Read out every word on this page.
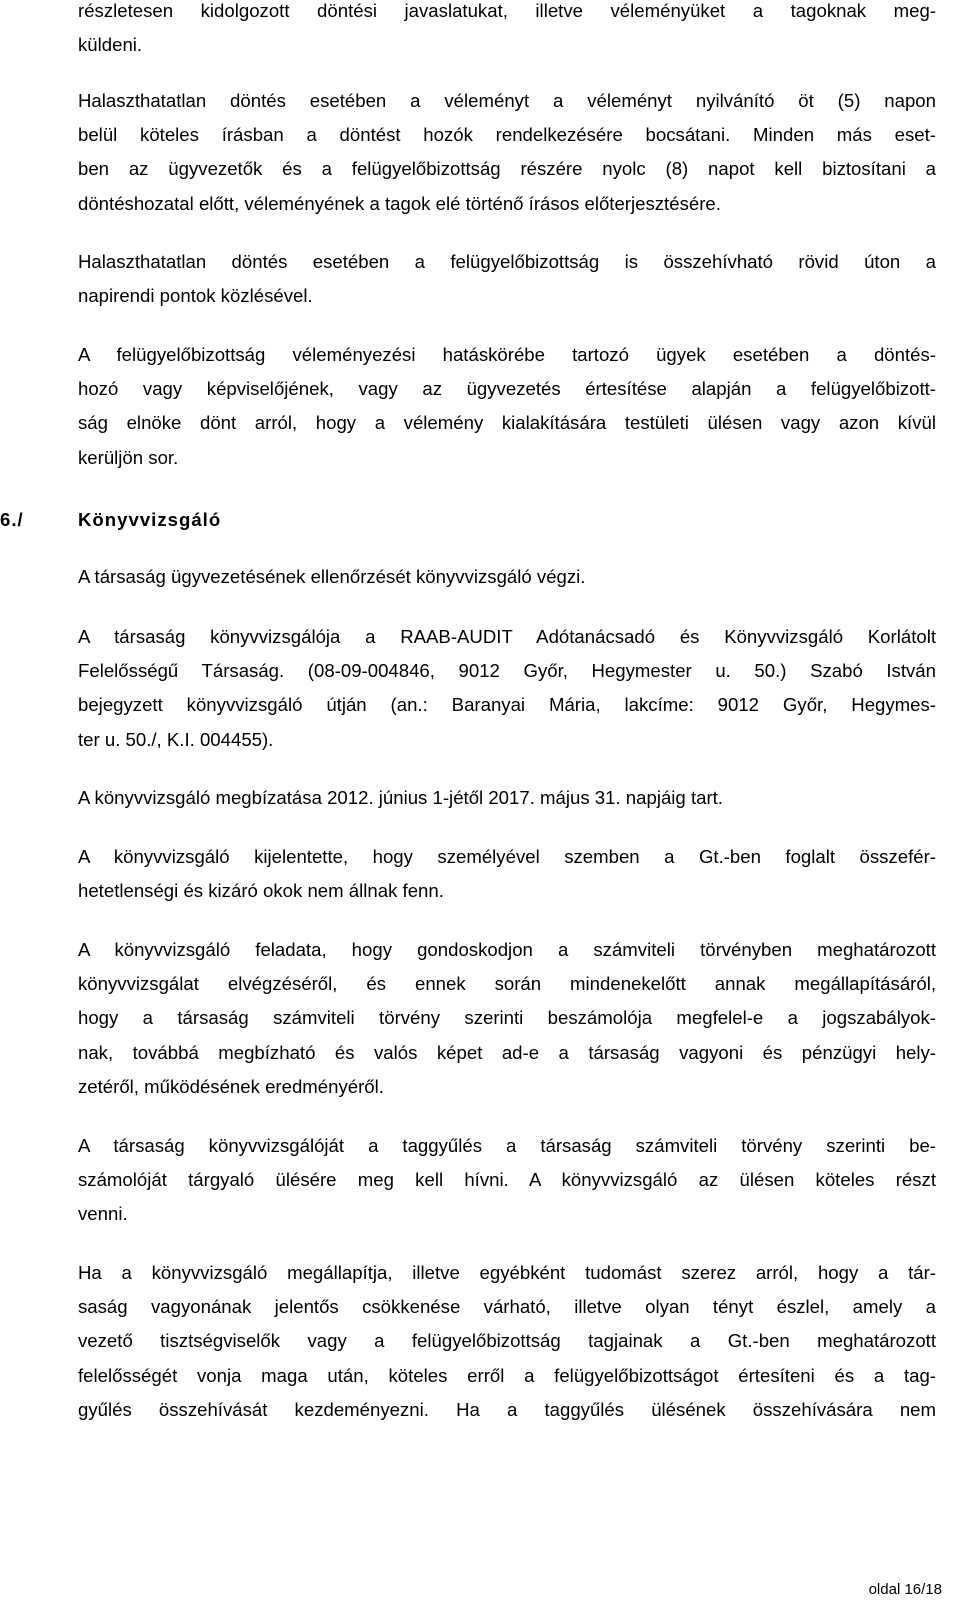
részletesen kidolgozott döntési javaslatukat, illetve véleményüket a tagoknak meg-
küldeni.
Halaszthatatlan döntés esetében a véleményt a véleményt nyilvánító öt (5) napon
belül köteles írásban a döntést hozók rendelkezésére bocsátani. Minden más eset-
ben az ügyvezetők és a felügyelőbizottság részére nyolc (8) napot kell biztosítani a
döntéshozatal előtt, véleményének a tagok elé történő írásos előterjesztésére.
Halaszthatatlan döntés esetében a felügyelőbizottság is összehívható rövid úton a
napirendi pontok közlésével.
A felügyelőbizottság véleményezési hatáskörébe tartozó ügyek esetében a döntés-
hozó vagy képviselőjének, vagy az ügyvezetés értesítése alapján a felügyelőbizott-
ság elnöke dönt arról, hogy a vélemény kialakítására testületi ülésen vagy azon kívül
kerüljön sor.
6./	Könyvvizsgáló
A társaság ügyvezetésének ellenőrzését könyvvizsgáló végzi.
A társaság könyvvizsgálója a RAAB-AUDIT Adótanácsadó és Könyvvizsgáló Korlátolt
Felelősségű Társaság. (08-09-004846, 9012 Győr, Hegymester u. 50.) Szabó István
bejegyzett könyvvizsgáló útján (an.: Baranyai Mária, lakcíme: 9012 Győr, Hegymes-
ter u. 50./, K.I. 004455).
A könyvvizsgáló megbízatása 2012. június 1-jétől 2017. május 31. napjáig tart.
A könyvvizsgáló kijelentette, hogy személyével szemben a Gt.-ben foglalt összefér-
hetetlenségi és kizáró okok nem állnak fenn.
A könyvvizsgáló feladata, hogy gondoskodjon a számviteli törvényben meghatározott
könyvvizsgálat elvégzéséről, és ennek során mindenekelőtt annak megállapításáról,
hogy a társaság számviteli törvény szerinti beszámolója megfelel-e a jogszabályok-
nak, továbbá megbízható és valós képet ad-e a társaság vagyoni és pénzügyi hely-
zetéről, működésének eredményéről.
A társaság könyvvizsgálóját a taggyűlés a társaság számviteli törvény szerinti be-
számolóját tárgyaló ülésére meg kell hívni. A könyvvizsgáló az ülésen köteles részt
venni.
Ha a könyvvizsgáló megállapítja, illetve egyébként tudomást szerez arról, hogy a tár-
saság vagyonának jelentős csökkenése várható, illetve olyan tényt észlel, amely a
vezető tisztségviselők vagy a felügyelőbizottság tagjainak a Gt.-ben meghatározott
felelősségét vonja maga után, köteles erről a felügyelőbizottságot értesíteni és a tag-
gyűlés összehívását kezdeményezni. Ha a taggyűlés ülésének összehívására nem
oldal 16/18
